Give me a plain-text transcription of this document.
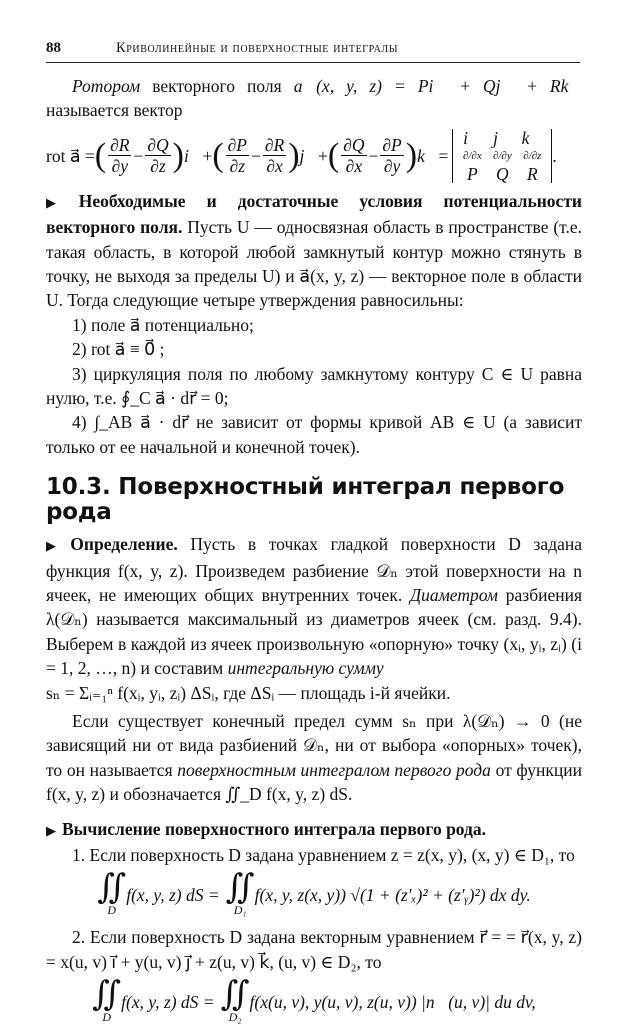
88	Криволинейные и поверхностные интегралы

Ротором векторного поля a⃗(x, y, z) = Pi⃗ + Qj⃗ + Rk⃗ называется вектор

rot a⃗ = ( $\frac{\partial R}{\partial y} - \frac{\partial Q}{\partial z}$ ) i⃗ + ( $\frac{\partial P}{\partial z} - \frac{\partial R}{\partial x}$ ) j⃗ + ( $\frac{\partial Q}{\partial x} - \frac{\partial P}{\partial y}$ ) k⃗ =
i⃗ j⃗ k⃗
∂/∂x	∂/∂y	∂/∂z
P	Q	R
.

▶ Необходимые и достаточные условия потенциальности векторного поля. Пусть U — односвязная область в пространстве (т.е. такая область, в которой любой замкнутый контур можно стянуть в точку, не выходя за пределы U) и a⃗(x, y, z) — векторное поле в области U. Тогда следующие четыре утверждения равносильны:

1) поле a⃗ потенциально;

2) rot a⃗ ≡ 0⃗ ;

3) циркуляция поля по любому замкнутому контуру C ∈ U равна нулю, т.е. ∮_C a⃗ · dr⃗ = 0;

4) ∫_AB a⃗ · dr⃗ не зависит от формы кривой AB ∈ U (а зависит только от ее начальной и конечной точек).

10.3. Поверхностный интеграл первого рода

▶ Определение. Пусть в точках гладкой поверхности D задана функция f(x, y, z). Произведем разбиение 𝒟ₙ этой поверхности на n ячеек, не имеющих общих внутренних точек. Диаметром разбиения λ(𝒟ₙ) называется максимальный из диаметров ячеек (см. разд. 9.4). Выберем в каждой из ячеек произвольную «опорную» точку (xᵢ, yᵢ, zᵢ) (i = 1, 2, …, n) и составим интегральную сумму

sₙ = Σᵢ₌₁ⁿ f(xᵢ, yᵢ, zᵢ) ΔSᵢ, где ΔSᵢ — площадь i-й ячейки.

Если существует конечный предел сумм sₙ при λ(𝒟ₙ) → 0 (не зависящий ни от вида разбиений 𝒟ₙ, ни от выбора «опорных» точек), то он называется поверхностным интегралом первого рода от функции f(x, y, z) и обозначается ∬_D f(x, y, z) dS.

▶ Вычисление поверхностного интеграла первого рода.

1. Если поверхность D задана уравнением z = z(x, y), (x, y) ∈ D₁, то

∬
D
f(x, y, z) dS = ∬
D₁
f(x, y, z(x, y)) √(1 + (z′ₓ)² + (z′ᵧ)²) dx dy.

2. Если поверхность D задана векторным уравнением r⃗ = = r⃗(x, y, z) = x(u, v) i⃗ + y(u, v) j⃗ + z(u, v) k⃗, (u, v) ∈ D₂, то

∬
D
f(x, y, z) dS = ∬
D₂
f(x(u, v), y(u, v), z(u, v)) |n⃗(u, v)| du dv,
